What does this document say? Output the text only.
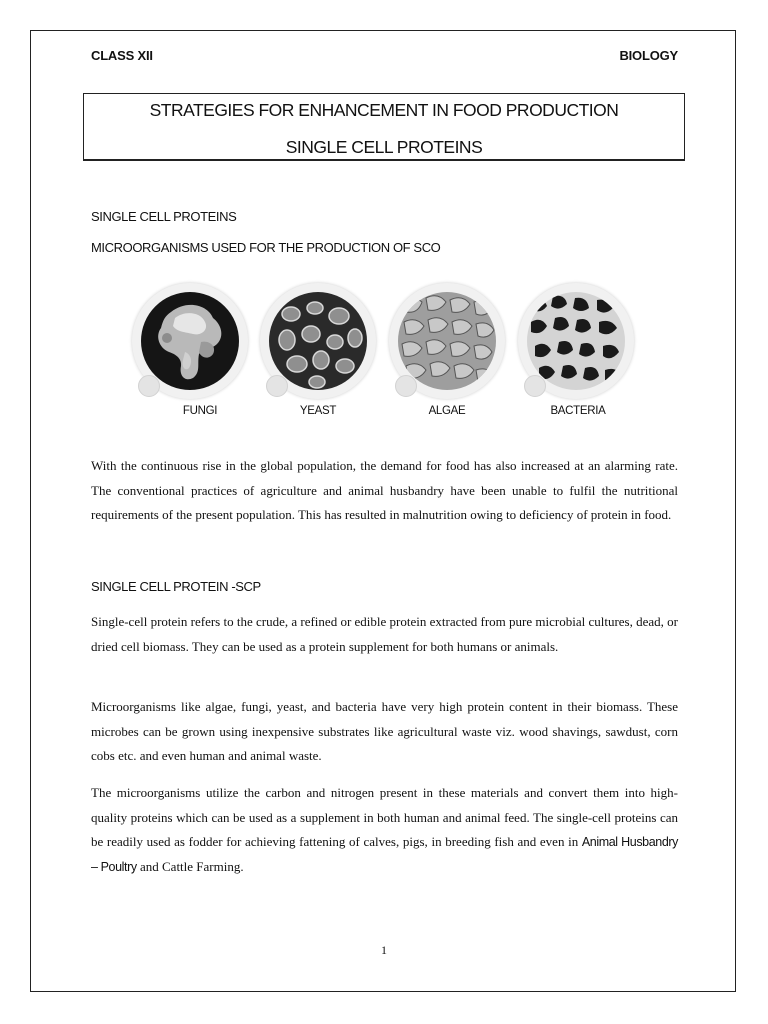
CLASS XII	BIOLOGY
STRATEGIES FOR ENHANCEMENT IN FOOD PRODUCTION
SINGLE CELL PROTEINS
SINGLE CELL PROTEINS
MICROORGANISMS USED FOR THE PRODUCTION OF SCO
FUNGI	YEAST	ALGAE	BACTERIA
With the continuous rise in the global population, the demand for food has also increased at an alarming rate. The conventional practices of agriculture and animal husbandry have been unable to fulfil the nutritional requirements of the present population. This has resulted in malnutrition owing to deficiency of protein in food.
SINGLE CELL PROTEIN -SCP
Single-cell protein refers to the crude, a refined or edible protein extracted from pure microbial cultures, dead, or dried cell biomass. They can be used as a protein supplement for both humans or animals.
Microorganisms like algae, fungi, yeast, and bacteria have very high protein content in their biomass. These microbes can be grown using inexpensive substrates like agricultural waste viz. wood shavings, sawdust, corn cobs etc. and even human and animal waste.
The microorganisms utilize the carbon and nitrogen present in these materials and convert them into high-quality proteins which can be used as a supplement in both human and animal feed. The single-cell proteins can be readily used as fodder for achieving fattening of calves, pigs, in breeding fish and even in Animal Husbandry – Poultry and Cattle Farming.
1
